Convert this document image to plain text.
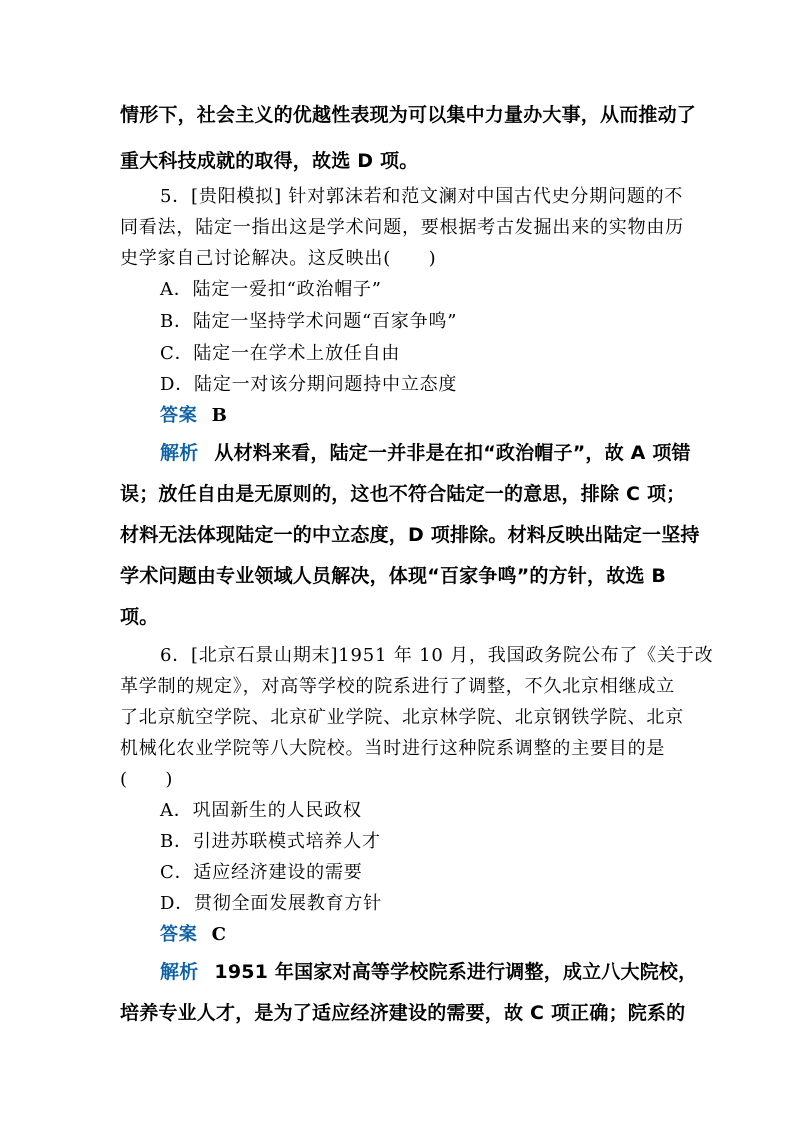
情形下，社会主义的优越性表现为可以集中力量办大事，从而推动了
重大科技成就的取得，故选 D 项。
5．[贵阳模拟] 针对郭沫若和范文澜对中国古代史分期问题的不
同看法，陆定一指出这是学术问题，要根据考古发掘出来的实物由历
史学家自己讨论解决。这反映出(　　)
A．陆定一爱扣“政治帽子”
B．陆定一坚持学术问题“百家争鸣”
C．陆定一在学术上放任自由
D．陆定一对该分期问题持中立态度
答案 B
解析 从材料来看，陆定一并非是在扣“政治帽子”，故 A 项错
误；放任自由是无原则的，这也不符合陆定一的意思，排除 C 项；
材料无法体现陆定一的中立态度，D 项排除。材料反映出陆定一坚持
学术问题由专业领域人员解决，体现“百家争鸣”的方针，故选 B
项。
6．[北京石景山期末]1951 年 10 月，我国政务院公布了《关于改
革学制的规定》，对高等学校的院系进行了调整，不久北京相继成立
了北京航空学院、北京矿业学院、北京林学院、北京钢铁学院、北京
机械化农业学院等八大院校。当时进行这种院系调整的主要目的是
(　　)
A．巩固新生的人民政权
B．引进苏联模式培养人才
C．适应经济建设的需要
D．贯彻全面发展教育方针
答案 C
解析 1951 年国家对高等学校院系进行调整，成立八大院校，
培养专业人才，是为了适应经济建设的需要，故 C 项正确；院系的
